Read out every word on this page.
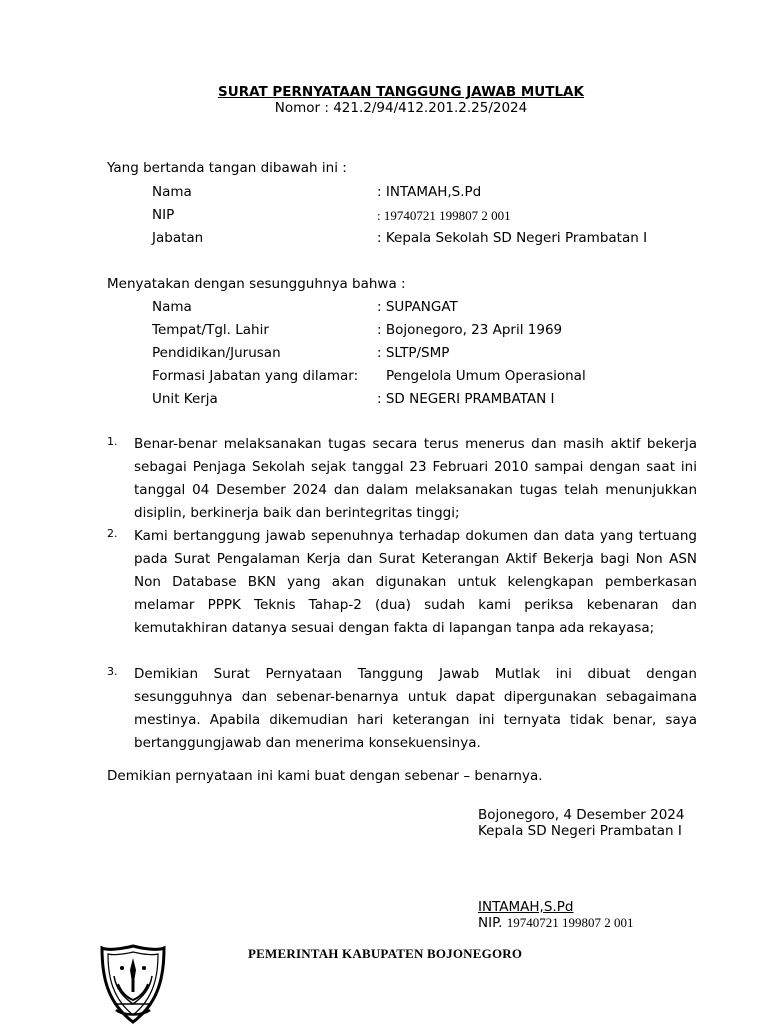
SURAT PERNYATAAN TANGGUNG JAWAB MUTLAK
Nomor : 421.2/94/412.201.2.25/2024
Yang bertanda tangan dibawah ini :
Nama	: INTAMAH,S.Pd
NIP	: 19740721 199807 2 001
Jabatan	: Kepala Sekolah SD Negeri Prambatan I
Menyatakan dengan sesungguhnya bahwa :
Nama	: SUPANGAT
Tempat/Tgl. Lahir	: Bojonegoro, 23 April 1969
Pendidikan/Jurusan	: SLTP/SMP
Formasi Jabatan yang dilamar: Pengelola Umum Operasional
Unit Kerja	: SD NEGERI PRAMBATAN I
1. Benar-benar melaksanakan tugas secara terus menerus dan masih aktif bekerja sebagai Penjaga Sekolah sejak tanggal 23 Februari 2010 sampai dengan saat ini tanggal 04 Desember 2024 dan dalam melaksanakan tugas telah menunjukkan disiplin, berkinerja baik dan berintegritas tinggi;
2. Kami bertanggung jawab sepenuhnya terhadap dokumen dan data yang tertuang pada Surat Pengalaman Kerja dan Surat Keterangan Aktif Bekerja bagi Non ASN Non Database BKN yang akan digunakan untuk kelengkapan pemberkasan melamar PPPK Teknis Tahap-2 (dua) sudah kami periksa kebenaran dan kemutakhiran datanya sesuai dengan fakta di lapangan tanpa ada rekayasa;
3. Demikian Surat Pernyataan Tanggung Jawab Mutlak ini dibuat dengan sesungguhnya dan sebenar-benarnya untuk dapat dipergunakan sebagaimana mestinya. Apabila dikemudian hari keterangan ini ternyata tidak benar, saya bertanggungjawab dan menerima konsekuensinya.
Demikian pernyataan ini kami buat dengan sebenar – benarnya.
Bojonegoro, 4 Desember 2024
Kepala SD Negeri Prambatan I
INTAMAH,S.Pd
NIP. 19740721 199807 2 001
PEMERINTAH KABUPATEN BOJONEGORO
